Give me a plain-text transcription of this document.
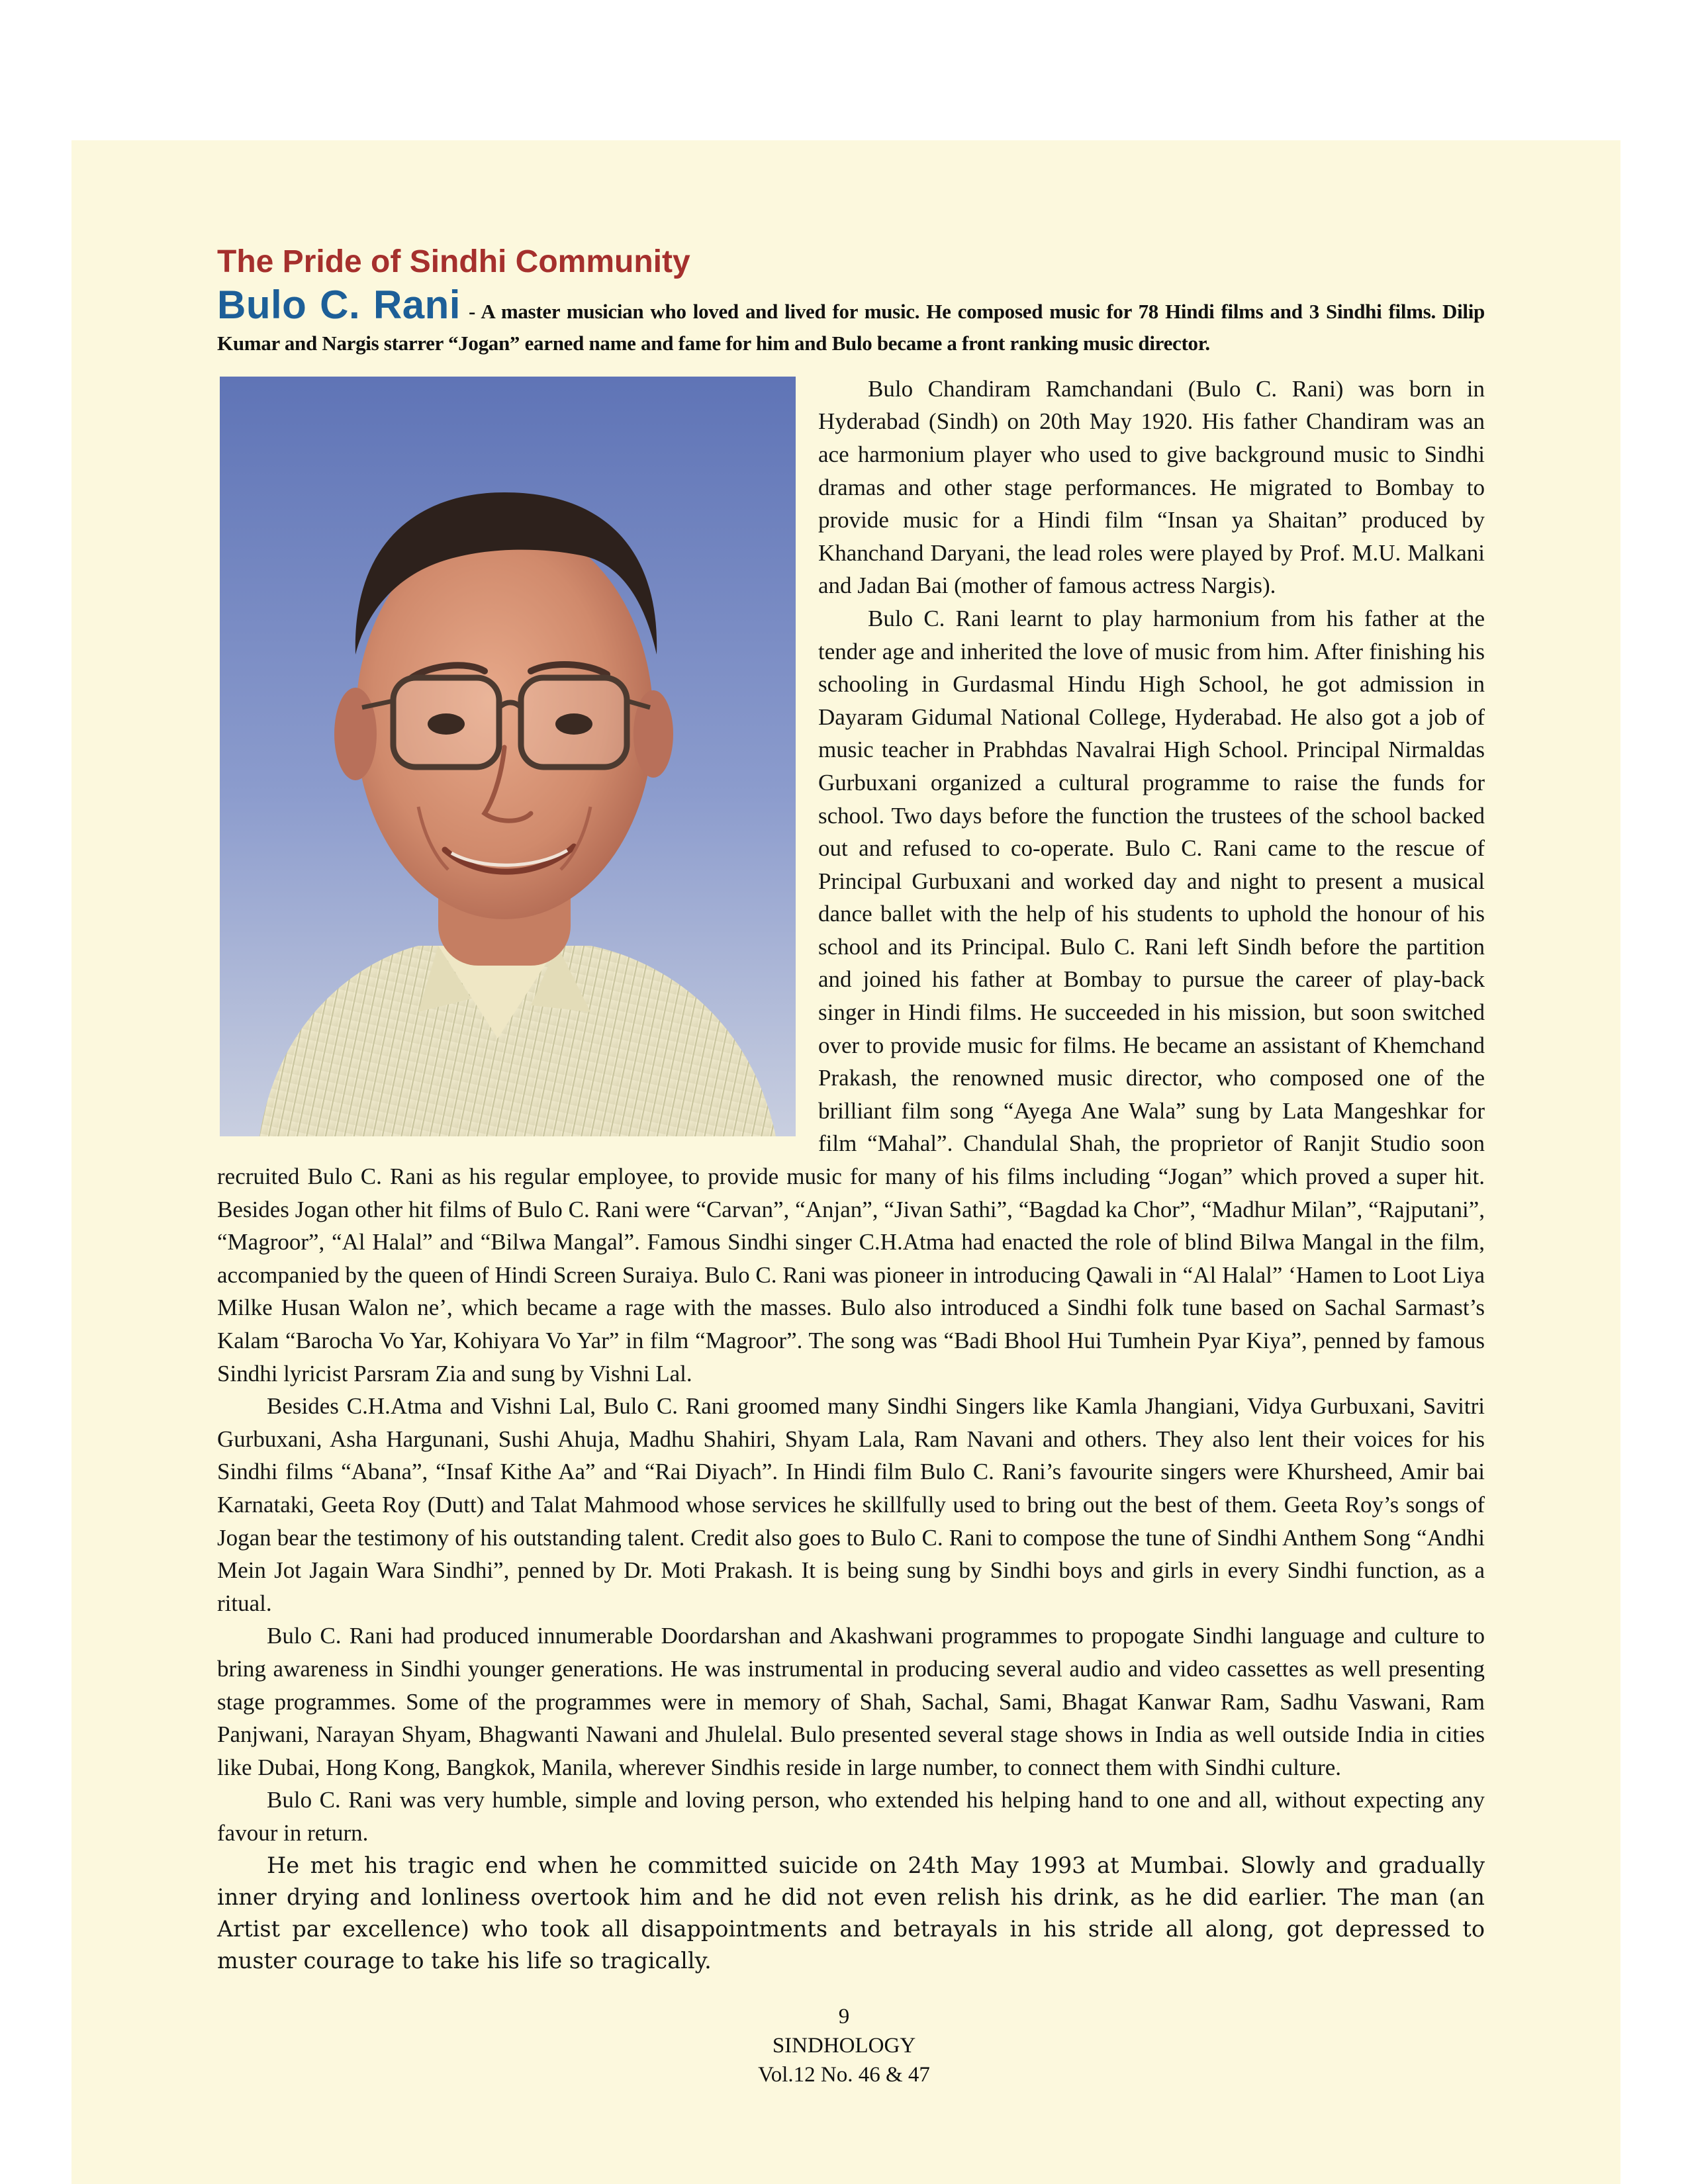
The Pride of Sindhi Community
Bulo C. Rani - A master musician who loved and lived for music. He composed music for 78 Hindi films and 3 Sindhi films. Dilip Kumar and Nargis starrer “Jogan” earned name and fame for him and Bulo became a front ranking music director.

Bulo Chandiram Ramchandani (Bulo C. Rani) was born in Hyderabad (Sindh) on 20th May 1920. His father Chandiram was an ace harmonium player who used to give background music to Sindhi dramas and other stage performances. He migrated to Bombay to provide music for a Hindi film “Insan ya Shaitan” produced by Khanchand Daryani, the lead roles were played by Prof. M.U. Malkani and Jadan Bai (mother of famous actress Nargis).

Bulo C. Rani learnt to play harmonium from his father at the tender age and inherited the love of music from him. After finishing his schooling in Gurdasmal Hindu High School, he got admission in Dayaram Gidumal National College, Hyderabad. He also got a job of music teacher in Prabhdas Navalrai High School. Principal Nirmaldas Gurbuxani organized a cultural programme to raise the funds for school. Two days before the function the trustees of the school backed out and refused to co-operate. Bulo C. Rani came to the rescue of Principal Gurbuxani and worked day and night to present a musical dance ballet with the help of his students to uphold the honour of his school and its Principal. Bulo C. Rani left Sindh before the partition and joined his father at Bombay to pursue the career of play-back singer in Hindi films. He succeeded in his mission, but soon switched over to provide music for films. He became an assistant of Khemchand Prakash, the renowned music director, who composed one of the brilliant film song “Ayega Ane Wala” sung by Lata Mangeshkar for film “Mahal”. Chandulal Shah, the proprietor of Ranjit Studio soon recruited Bulo C. Rani as his regular employee, to provide music for many of his films including “Jogan” which proved a super hit. Besides Jogan other hit films of Bulo C. Rani were “Carvan”, “Anjan”, “Jivan Sathi”, “Bagdad ka Chor”, “Madhur Milan”, “Rajputani”, “Magroor”, “Al Halal” and “Bilwa Mangal”. Famous Sindhi singer C.H.Atma had enacted the role of blind Bilwa Mangal in the film, accompanied by the queen of Hindi Screen Suraiya. Bulo C. Rani was pioneer in introducing Qawali in “Al Halal” ‘Hamen to Loot Liya Milke Husan Walon ne’, which became a rage with the masses. Bulo also introduced a Sindhi folk tune based on Sachal Sarmast’s Kalam “Barocha Vo Yar, Kohiyara Vo Yar” in film “Magroor”. The song was “Badi Bhool Hui Tumhein Pyar Kiya”, penned by famous Sindhi lyricist Parsram Zia and sung by Vishni Lal.

Besides C.H.Atma and Vishni Lal, Bulo C. Rani groomed many Sindhi Singers like Kamla Jhangiani, Vidya Gurbuxani, Savitri Gurbuxani, Asha Hargunani, Sushi Ahuja, Madhu Shahiri, Shyam Lala, Ram Navani and others. They also lent their voices for his Sindhi films “Abana”, “Insaf Kithe Aa” and “Rai Diyach”. In Hindi film Bulo C. Rani’s favourite singers were Khursheed, Amir bai Karnataki, Geeta Roy (Dutt) and Talat Mahmood whose services he skillfully used to bring out the best of them. Geeta Roy’s songs of Jogan bear the testimony of his outstanding talent. Credit also goes to Bulo C. Rani to compose the tune of Sindhi Anthem Song “Andhi Mein Jot Jagain Wara Sindhi”, penned by Dr. Moti Prakash. It is being sung by Sindhi boys and girls in every Sindhi function, as a ritual.

Bulo C. Rani had produced innumerable Doordarshan and Akashwani programmes to propogate Sindhi language and culture to bring awareness in Sindhi younger generations. He was instrumental in producing several audio and video cassettes as well presenting stage programmes. Some of the programmes were in memory of Shah, Sachal, Sami, Bhagat Kanwar Ram, Sadhu Vaswani, Ram Panjwani, Narayan Shyam, Bhagwanti Nawani and Jhulelal. Bulo presented several stage shows in India as well outside India in cities like Dubai, Hong Kong, Bangkok, Manila, wherever Sindhis reside in large number, to connect them with Sindhi culture.

Bulo C. Rani was very humble, simple and loving person, who extended his helping hand to one and all, without expecting any favour in return.

He met his tragic end when he committed suicide on 24th May 1993 at Mumbai. Slowly and gradually inner drying and lonliness overtook him and he did not even relish his drink, as he did earlier. The man (an Artist par excellence) who took all disappointments and betrayals in his stride all along, got depressed to muster courage to take his life so tragically.

9
SINDHOLOGY
Vol.12 No. 46 & 47
